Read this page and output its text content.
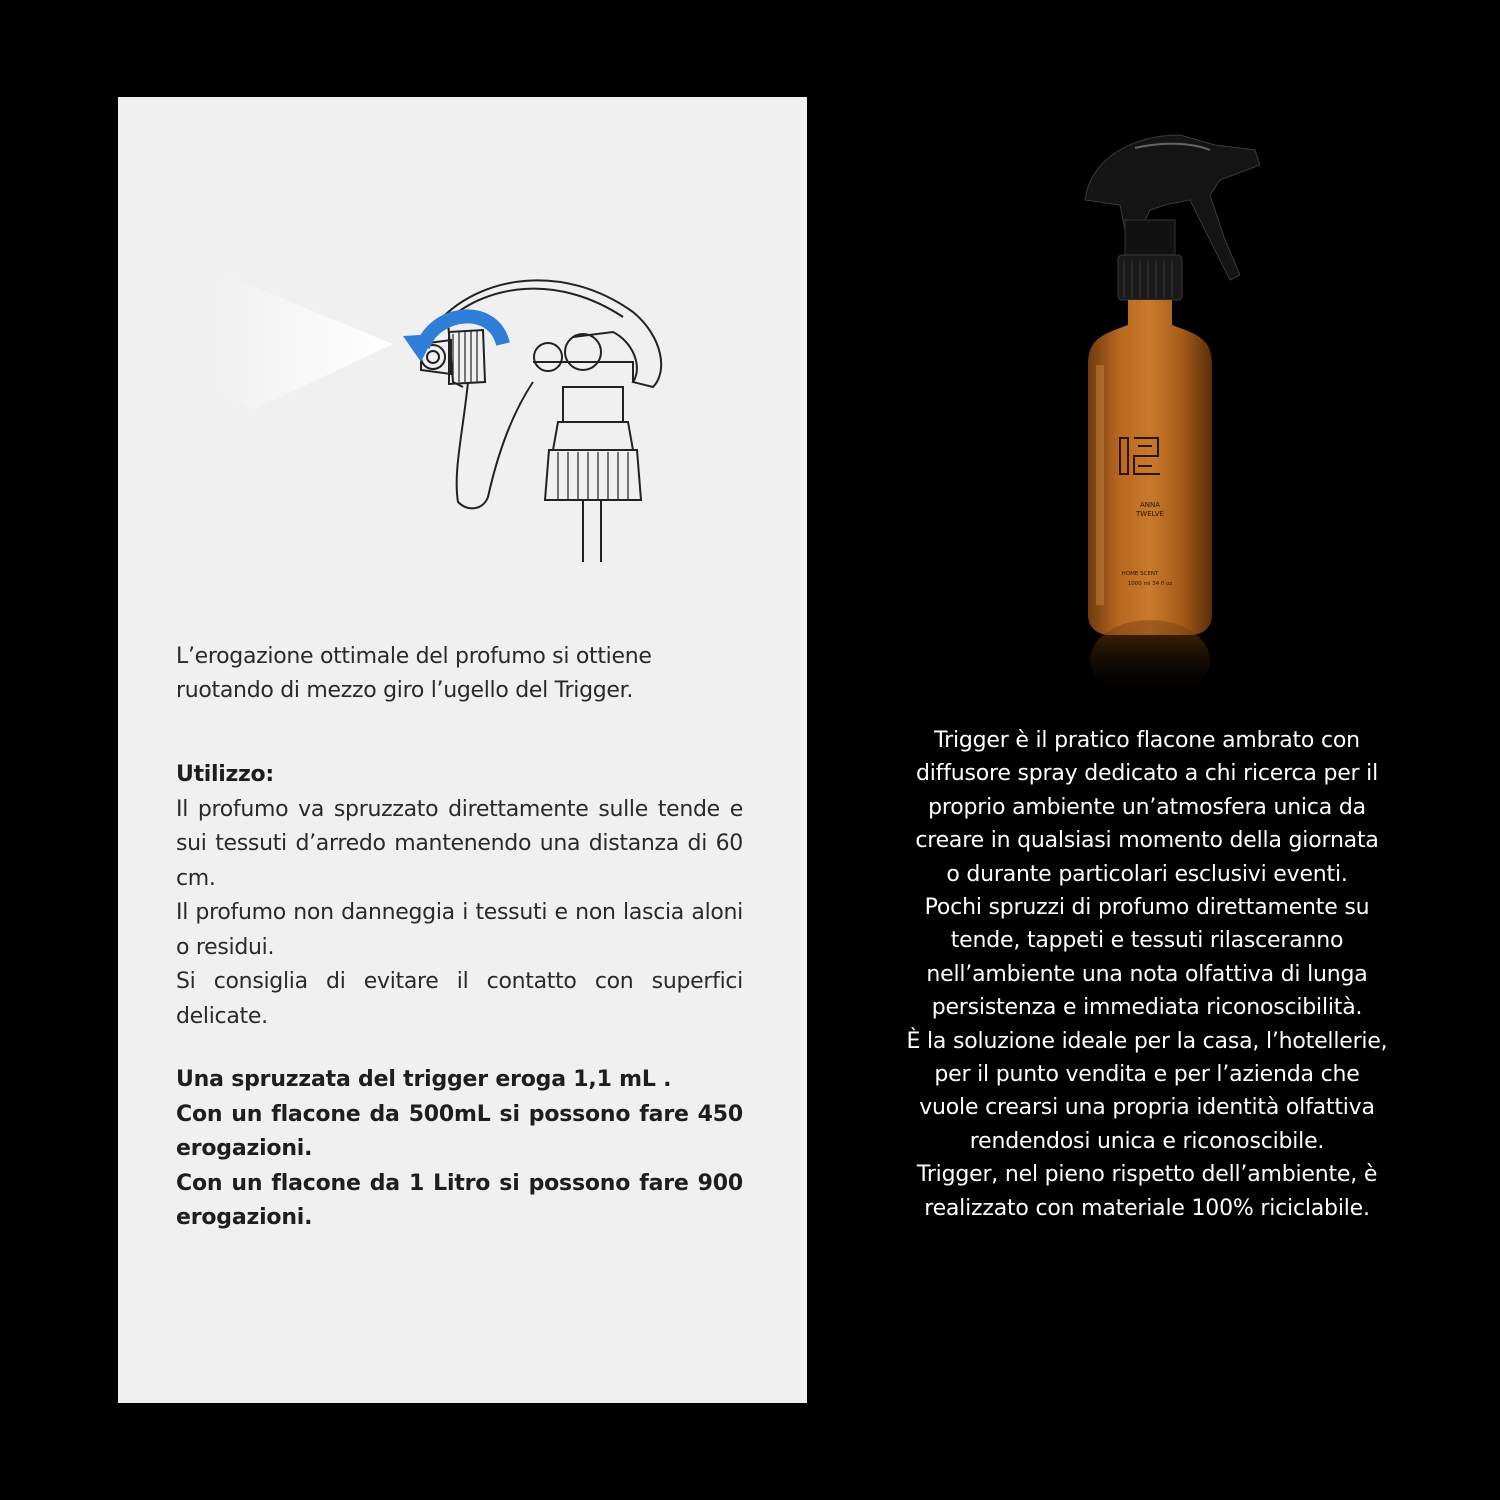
L’erogazione ottimale del profumo si ottiene

ruotando di mezzo giro l’ugello del Trigger.

Utilizzo:

Il profumo va spruzzato direttamente sulle tende e sui tessuti d’arredo mantenendo una distanza di 60 cm.

Il profumo non danneggia i tessuti e non lascia aloni o residui.

Si consiglia di evitare il contatto con superfici delicate.

Una spruzzata del trigger eroga 1,1 mL .

Con un flacone da 500mL si possono fare 450 erogazioni.

Con un flacone da 1 Litro si possono fare 900 erogazioni.

ANNA
TWELVE
HOME SCENT
1000 ml 34 fl oz

Trigger è il pratico flacone ambrato con diffusore spray dedicato a chi ricerca per il proprio ambiente un’atmosfera unica da creare in qualsiasi momento della giornata o durante particolari esclusivi eventi.

Pochi spruzzi di profumo direttamente su tende, tappeti e tessuti rilasceranno nell’ambiente una nota olfattiva di lunga persistenza e immediata riconoscibilità.

È la soluzione ideale per la casa, l’hotellerie, per il punto vendita e per l’azienda che vuole crearsi una propria identità olfattiva rendendosi unica e riconoscibile.

Trigger, nel pieno rispetto dell’ambiente, è realizzato con materiale 100% riciclabile.
